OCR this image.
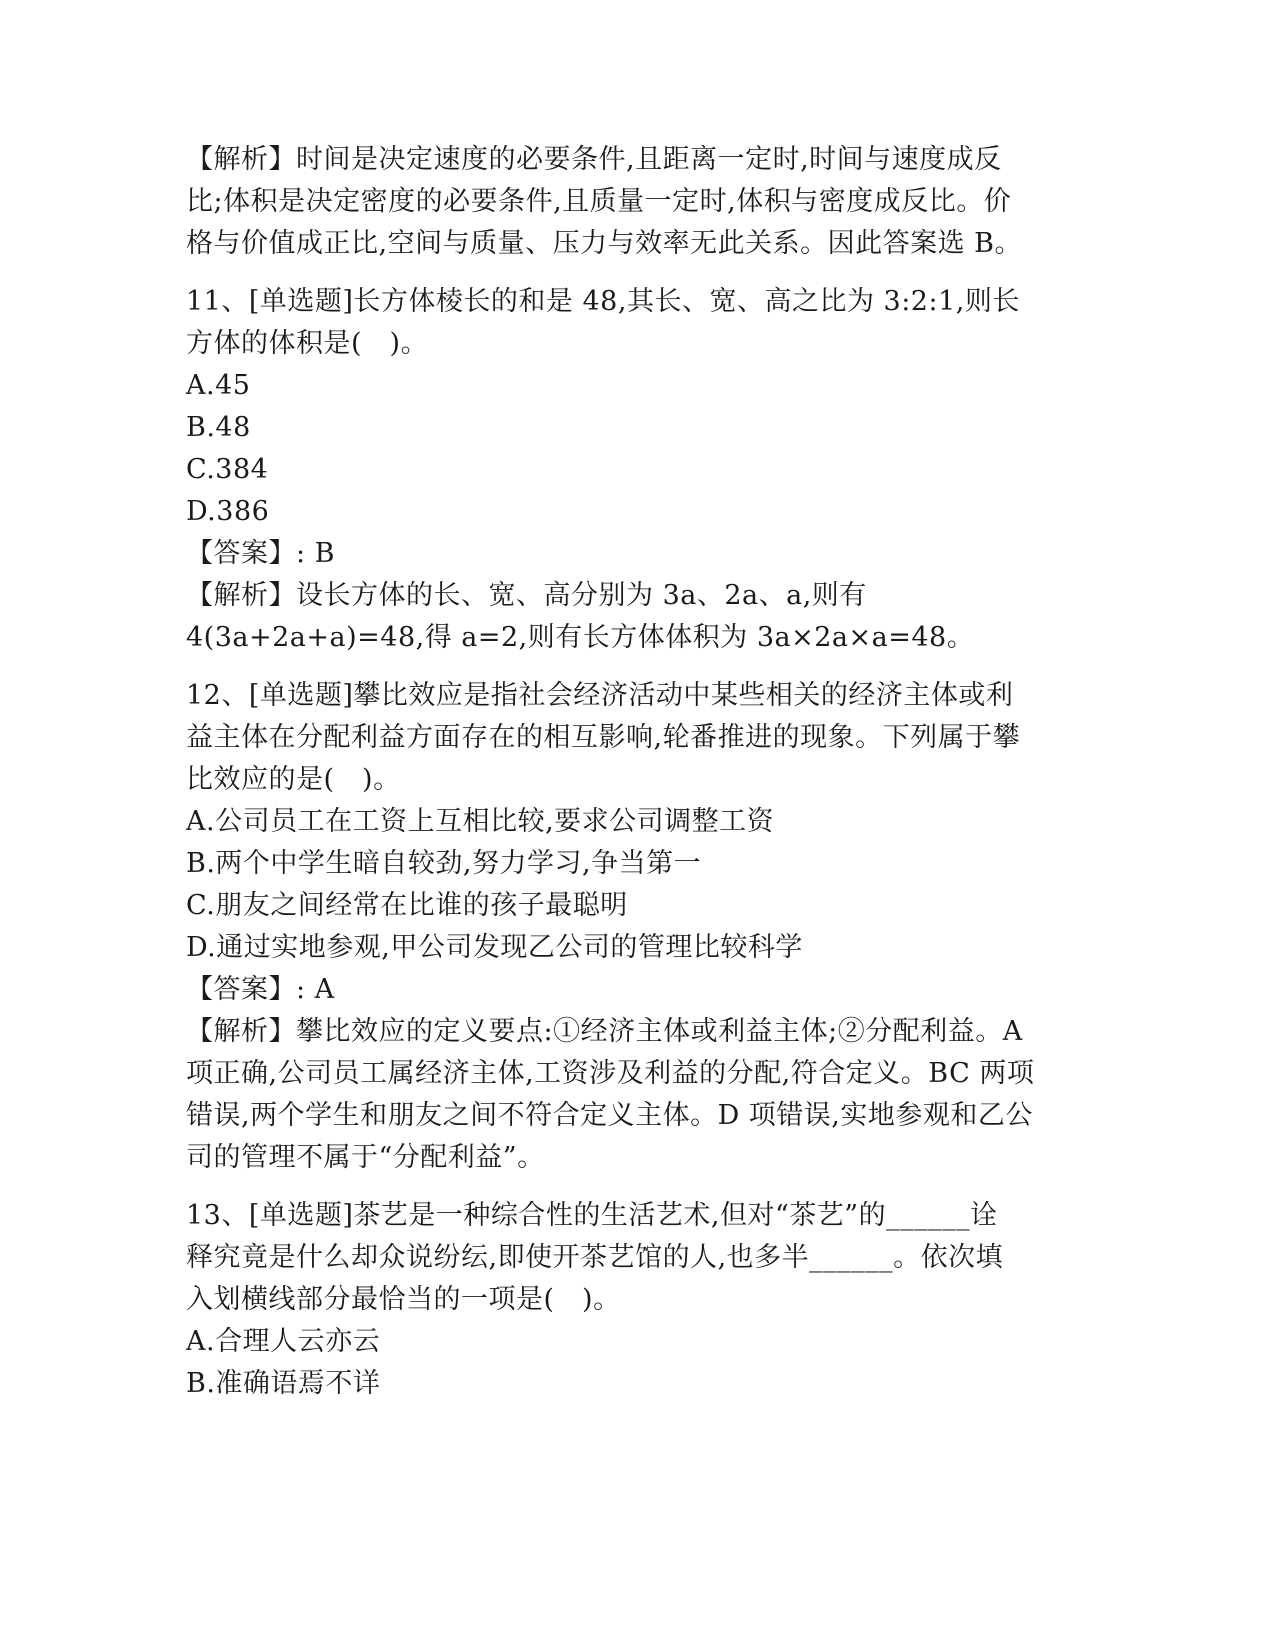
【解析】时间是决定速度的必要条件,且距离一定时,时间与速度成反

比;体积是决定密度的必要条件,且质量一定时,体积与密度成反比。价

格与价值成正比,空间与质量、压力与效率无此关系。因此答案选 B。

11、[单选题]长方体棱长的和是 48,其长、宽、高之比为 3:2:1,则长

方体的体积是(　)。

A.45

B.48

C.384

D.386

【答案】: B

【解析】设长方体的长、宽、高分别为 3a、2a、a,则有

4(3a+2a+a)=48,得 a=2,则有长方体体积为 3a×2a×a=48。

12、[单选题]攀比效应是指社会经济活动中某些相关的经济主体或利

益主体在分配利益方面存在的相互影响,轮番推进的现象。下列属于攀

比效应的是(　)。

A.公司员工在工资上互相比较,要求公司调整工资

B.两个中学生暗自较劲,努力学习,争当第一

C.朋友之间经常在比谁的孩子最聪明

D.通过实地参观,甲公司发现乙公司的管理比较科学

【答案】: A

【解析】攀比效应的定义要点:①经济主体或利益主体;②分配利益。A

项正确,公司员工属经济主体,工资涉及利益的分配,符合定义。BC 两项

错误,两个学生和朋友之间不符合定义主体。D 项错误,实地参观和乙公

司的管理不属于“分配利益”。

13、[单选题]茶艺是一种综合性的生活艺术,但对“茶艺”的______诠

释究竟是什么却众说纷纭,即使开茶艺馆的人,也多半______。依次填

入划横线部分最恰当的一项是(　)。

A.合理人云亦云

B.准确语焉不详
